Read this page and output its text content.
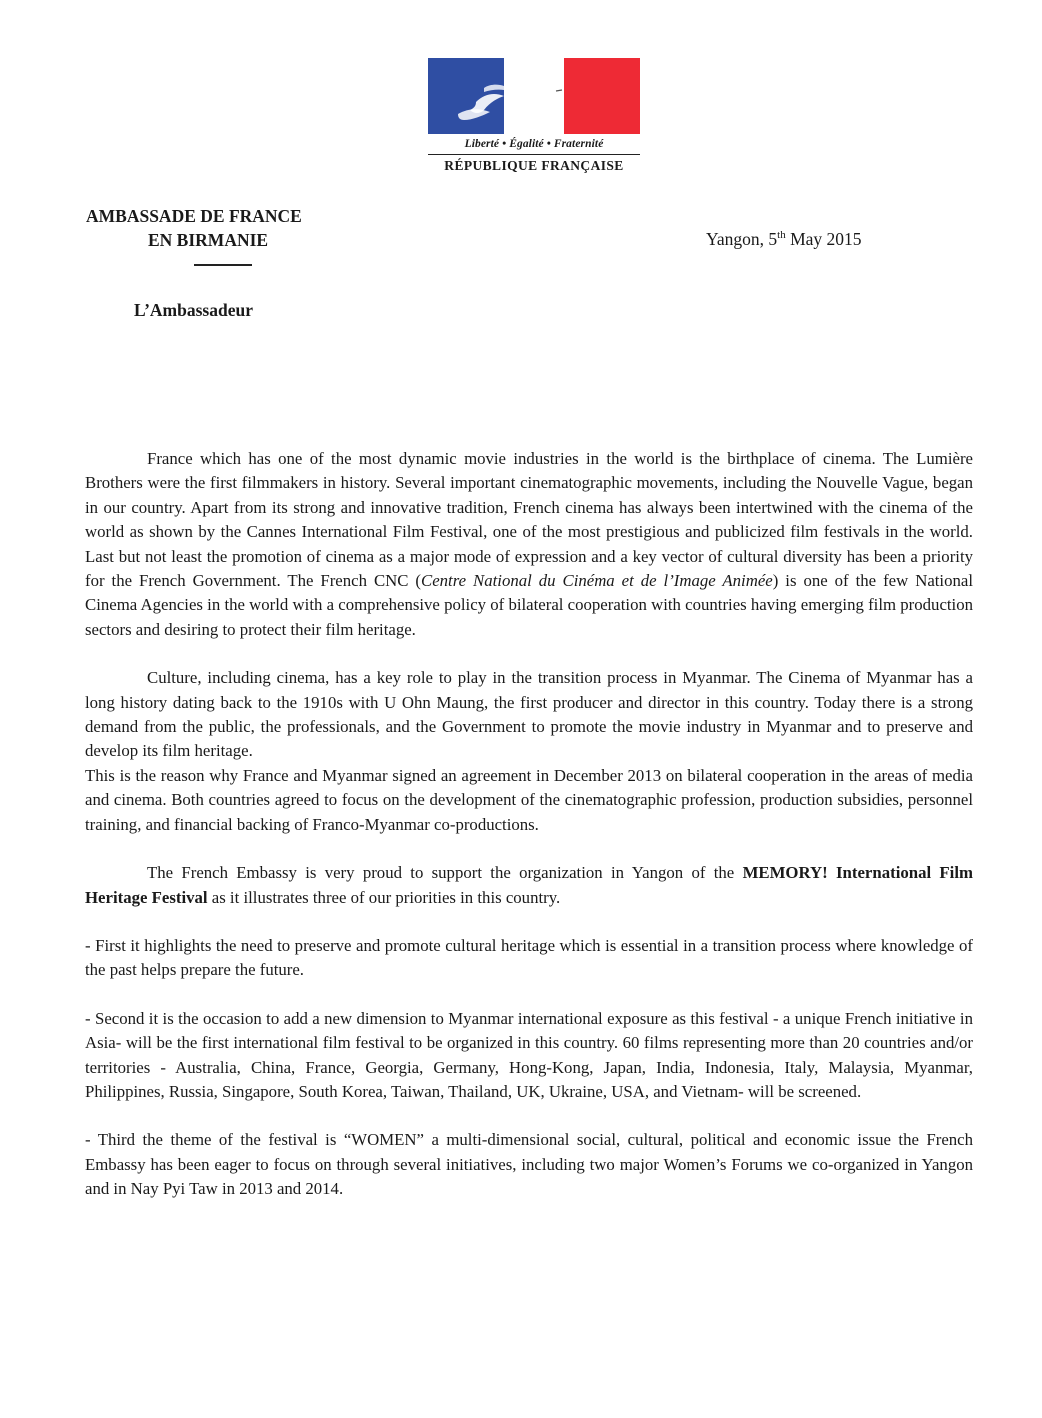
Liberté • Égalité • Fraternité
RÉPUBLIQUE FRANÇAISE
AMBASSADE DE FRANCE
EN BIRMANIE
L’Ambassadeur
Yangon, 5th May 2015

France which has one of the most dynamic movie industries in the world is the birthplace of cinema. The Lumière Brothers were the first filmmakers in history. Several important cinematographic movements, including the Nouvelle Vague, began in our country. Apart from its strong and innovative tradition, French cinema has always been intertwined with the cinema of the world as shown by the Cannes International Film Festival, one of the most prestigious and publicized film festivals in the world. Last but not least the promotion of cinema as a major mode of expression and a key vector of cultural diversity has been a priority for the French Government. The French CNC (Centre National du Cinéma et de l’Image Animée) is one of the few National Cinema Agencies in the world with a comprehensive policy of bilateral cooperation with countries having emerging film production sectors and desiring to protect their film heritage.

Culture, including cinema, has a key role to play in the transition process in Myanmar. The Cinema of Myanmar has a long history dating back to the 1910s with U Ohn Maung, the first producer and director in this country. Today there is a strong demand from the public, the professionals, and the Government to promote the movie industry in Myanmar and to preserve and develop its film heritage.

This is the reason why France and Myanmar signed an agreement in December 2013 on bilateral cooperation in the areas of media and cinema. Both countries agreed to focus on the development of the cinematographic profession, production subsidies, personnel training, and financial backing of Franco-Myanmar co-productions.

The French Embassy is very proud to support the organization in Yangon of the MEMORY! International Film Heritage Festival as it illustrates three of our priorities in this country.

- First it highlights the need to preserve and promote cultural heritage which is essential in a transition process where knowledge of the past helps prepare the future.

- Second it is the occasion to add a new dimension to Myanmar international exposure as this festival - a unique French initiative in Asia- will be the first international film festival to be organized in this country. 60 films representing more than 20 countries and/or territories - Australia, China, France, Georgia, Germany, Hong-Kong, Japan, India, Indonesia, Italy, Malaysia, Myanmar, Philippines, Russia, Singapore, South Korea, Taiwan, Thailand, UK, Ukraine, USA, and Vietnam- will be screened.

- Third the theme of the festival is “WOMEN” a multi-dimensional social, cultural, political and economic issue the French Embassy has been eager to focus on through several initiatives, including two major Women’s Forums we co-organized in Yangon and in Nay Pyi Taw in 2013 and 2014.
